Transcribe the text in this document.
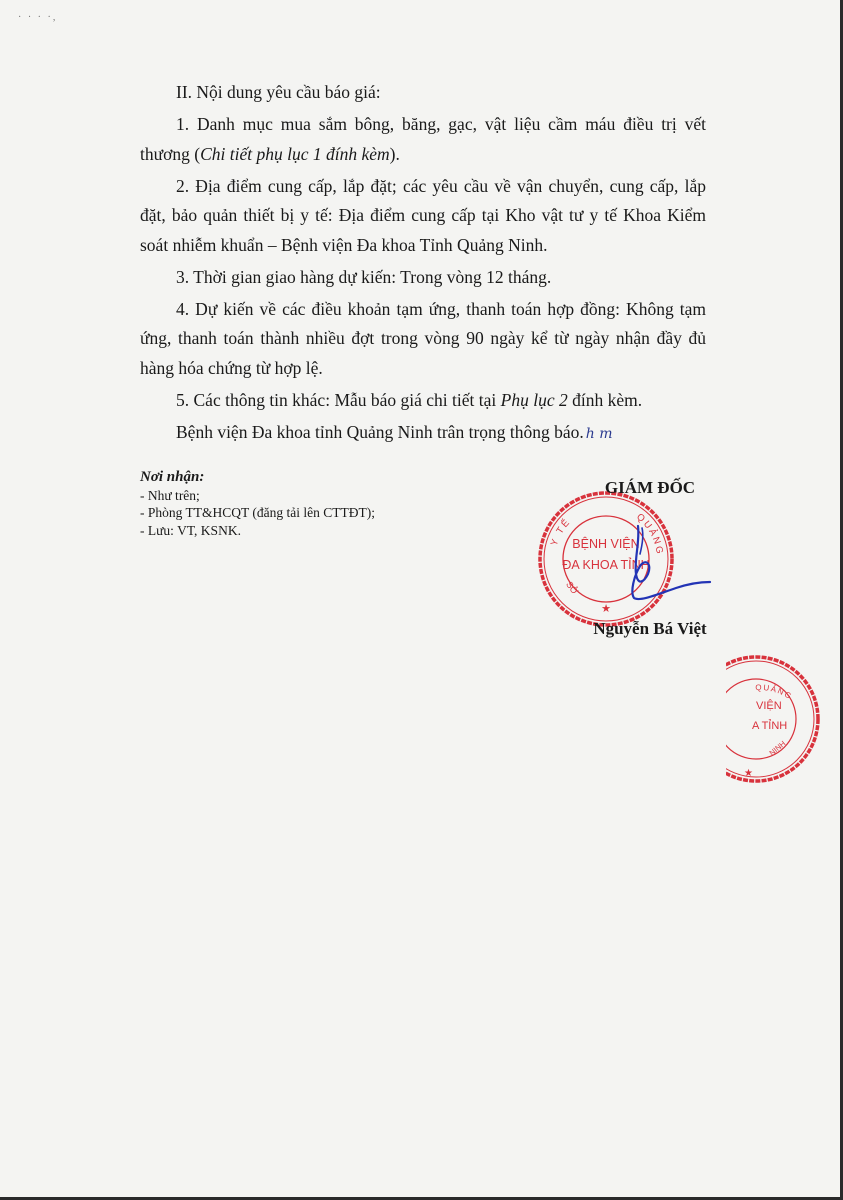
· · · ·,

II. Nội dung yêu cầu báo giá:

1. Danh mục mua sắm bông, băng, gạc, vật liệu cầm máu điều trị vết thương (Chi tiết phụ lục 1 đính kèm).

2. Địa điểm cung cấp, lắp đặt; các yêu cầu về vận chuyển, cung cấp, lắp đặt, bảo quản thiết bị y tế: Địa điểm cung cấp tại Kho vật tư y tế Khoa Kiểm soát nhiễm khuẩn – Bệnh viện Đa khoa Tỉnh Quảng Ninh.

3. Thời gian giao hàng dự kiến: Trong vòng 12 tháng.

4. Dự kiến về các điều khoản tạm ứng, thanh toán hợp đồng: Không tạm ứng, thanh toán thành nhiều đợt trong vòng 90 ngày kể từ ngày nhận đầy đủ hàng hóa chứng từ hợp lệ.

5. Các thông tin khác: Mẫu báo giá chi tiết tại Phụ lục 2 đính kèm.

Bệnh viện Đa khoa tỉnh Quảng Ninh trân trọng thông báo. h m

Nơi nhận:
- Như trên;
- Phòng TT&HCQT (đăng tải lên CTTĐT);
- Lưu: VT, KSNK.
Y TẾ	QUẢNG
SỞ
BỆNH VIỆN
ĐA KHOA TỈNH
★
GIÁM ĐỐC
Nguyễn Bá Việt
QUẢNG
NINH
VIỆN
A TỈNH
★
